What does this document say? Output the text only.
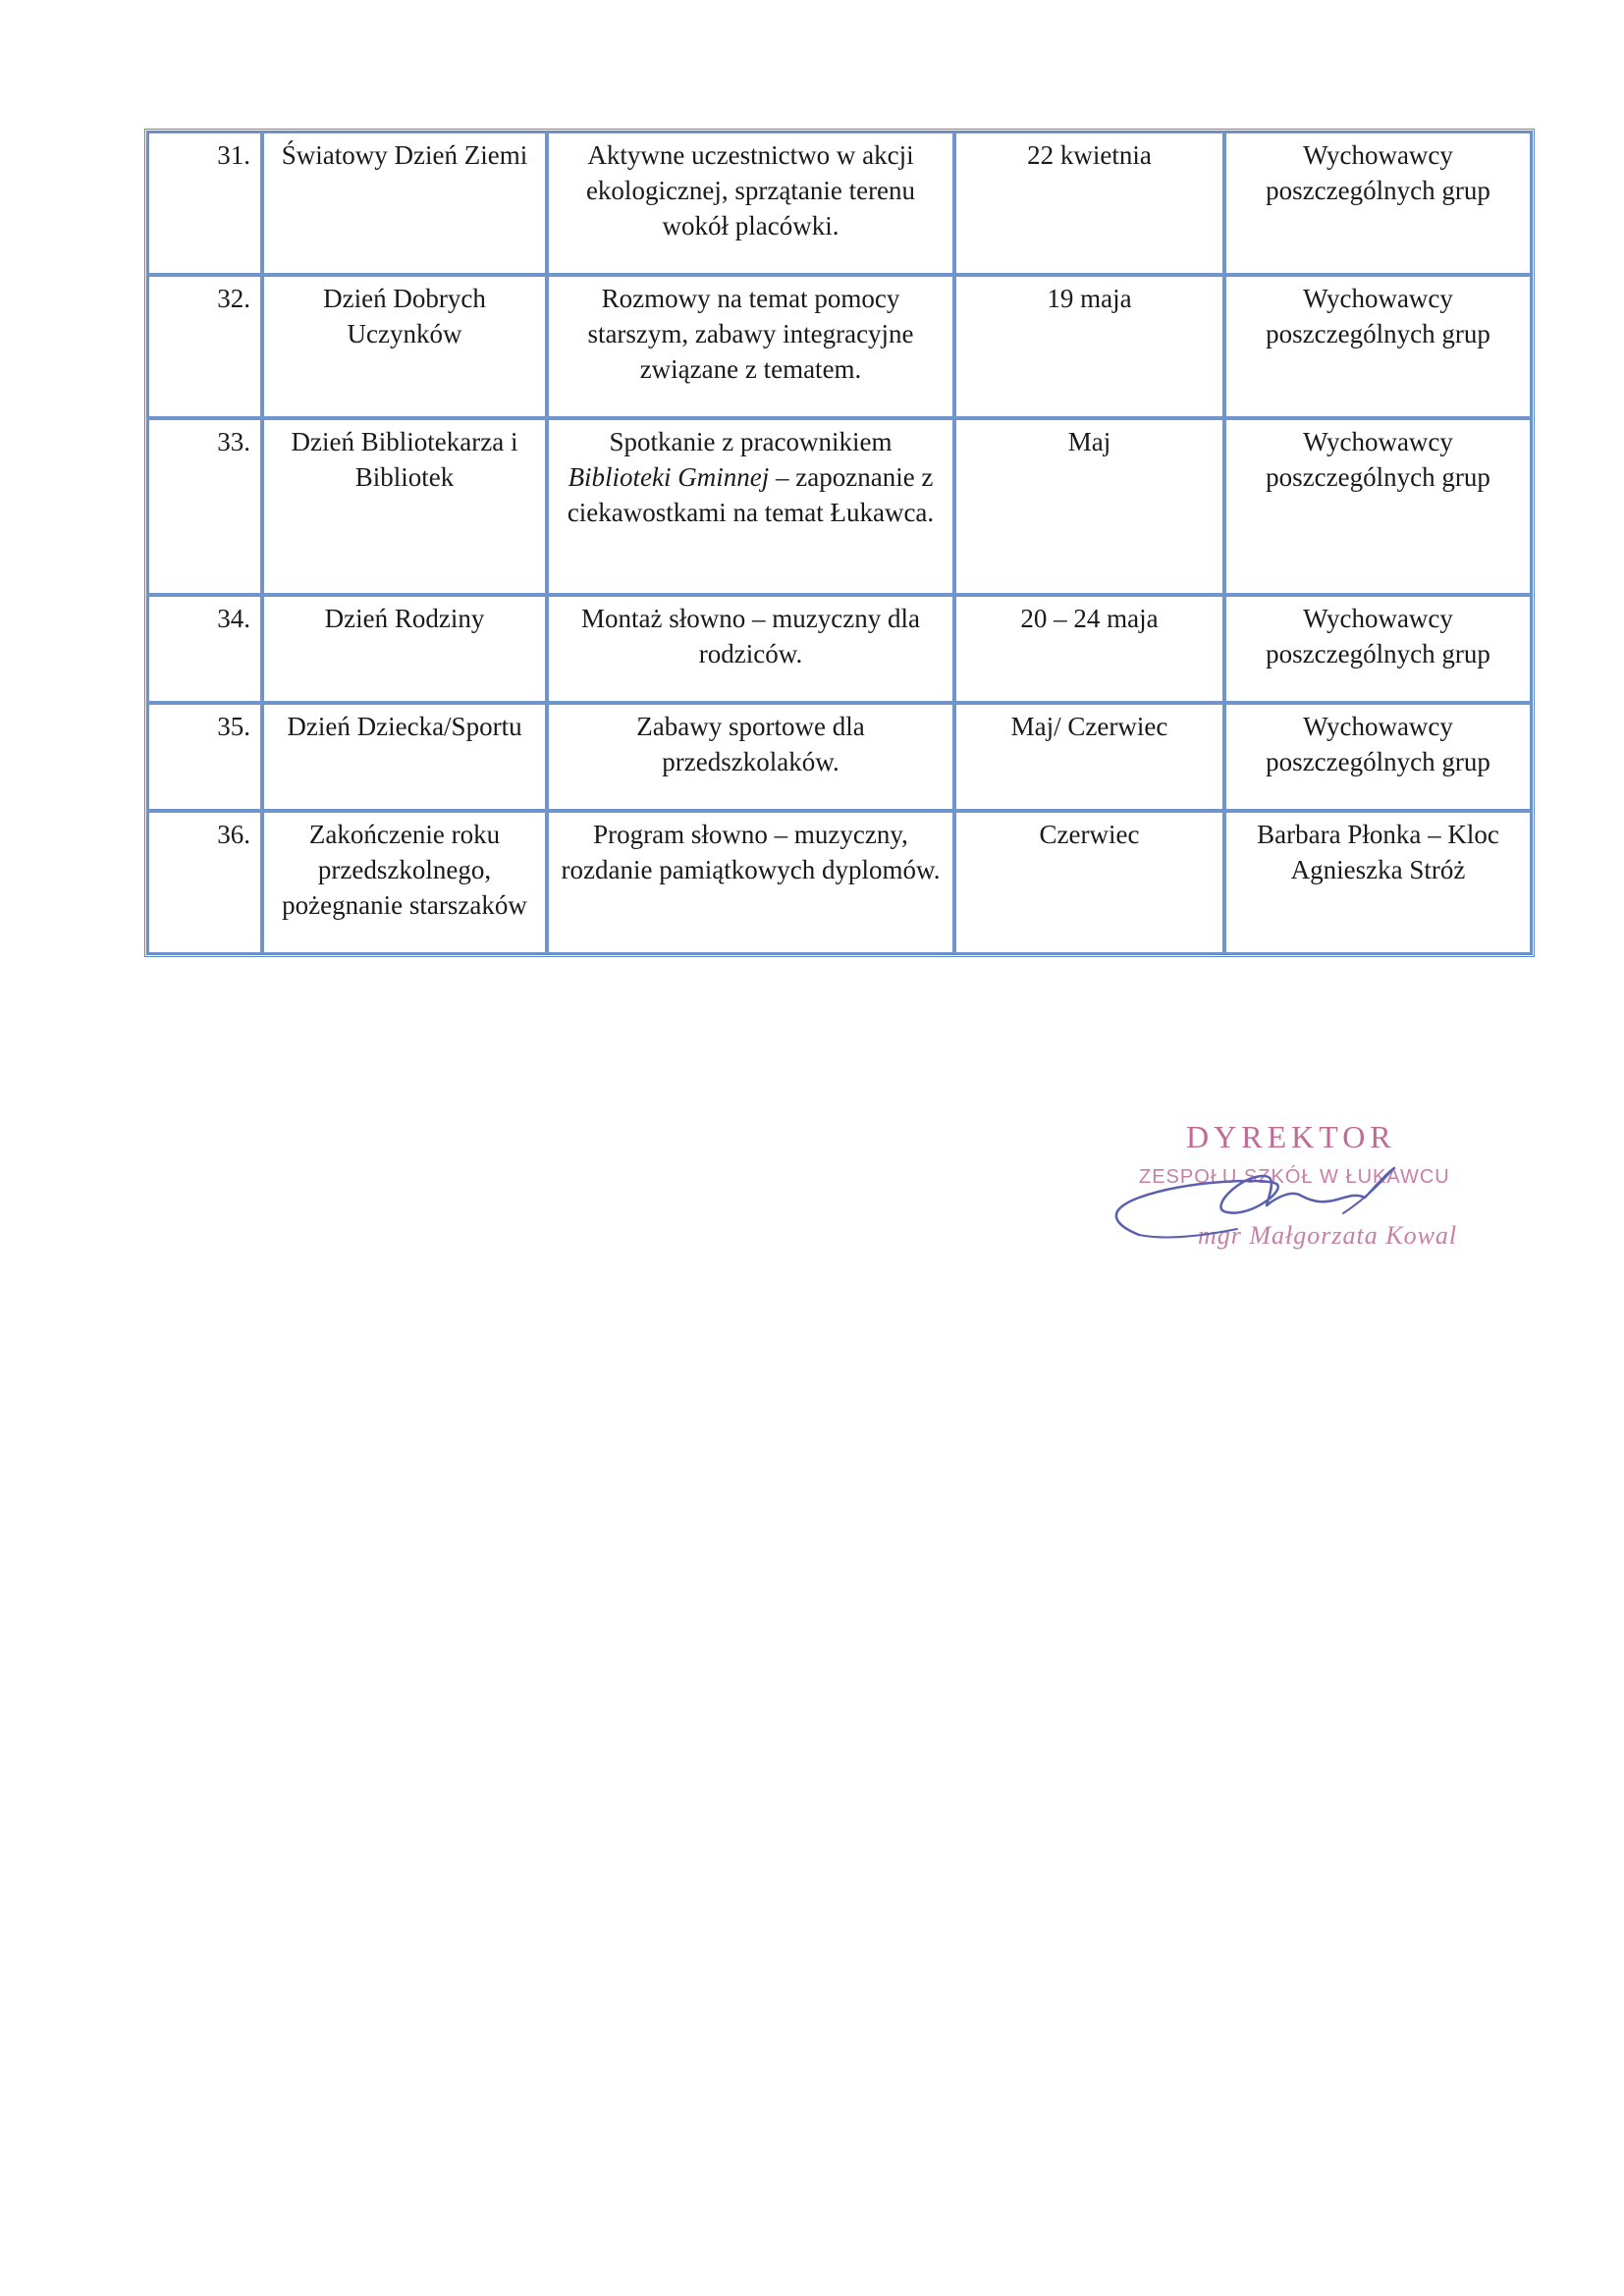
31.	Światowy Dzień Ziemi	Aktywne uczestnictwo w akcji ekologicznej, sprzątanie terenu wokół placówki.	22 kwietnia	Wychowawcy poszczególnych grup
32.	Dzień Dobrych Uczynków	Rozmowy na temat pomocy starszym, zabawy integracyjne związane z tematem.	19 maja	Wychowawcy poszczególnych grup
33.	Dzień Bibliotekarza i Bibliotek	Spotkanie z pracownikiem Biblioteki Gminnej – zapoznanie z ciekawostkami na temat Łukawca.	Maj	Wychowawcy poszczególnych grup
34.	Dzień Rodziny	Montaż słowno – muzyczny dla rodziców.	20 – 24 maja	Wychowawcy poszczególnych grup
35.	Dzień Dziecka/Sportu	Zabawy sportowe dla przedszkolaków.	Maj/ Czerwiec	Wychowawcy poszczególnych grup
36.	Zakończenie roku przedszkolnego, pożegnanie starszaków	Program słowno – muzyczny, rozdanie pamiątkowych dyplomów.	Czerwiec	Barbara Płonka – Kloc Agnieszka Stróż
DYREKTOR
ZESPOŁU SZKÓŁ W ŁUKAWCU
mgr Małgorzata Kowal
